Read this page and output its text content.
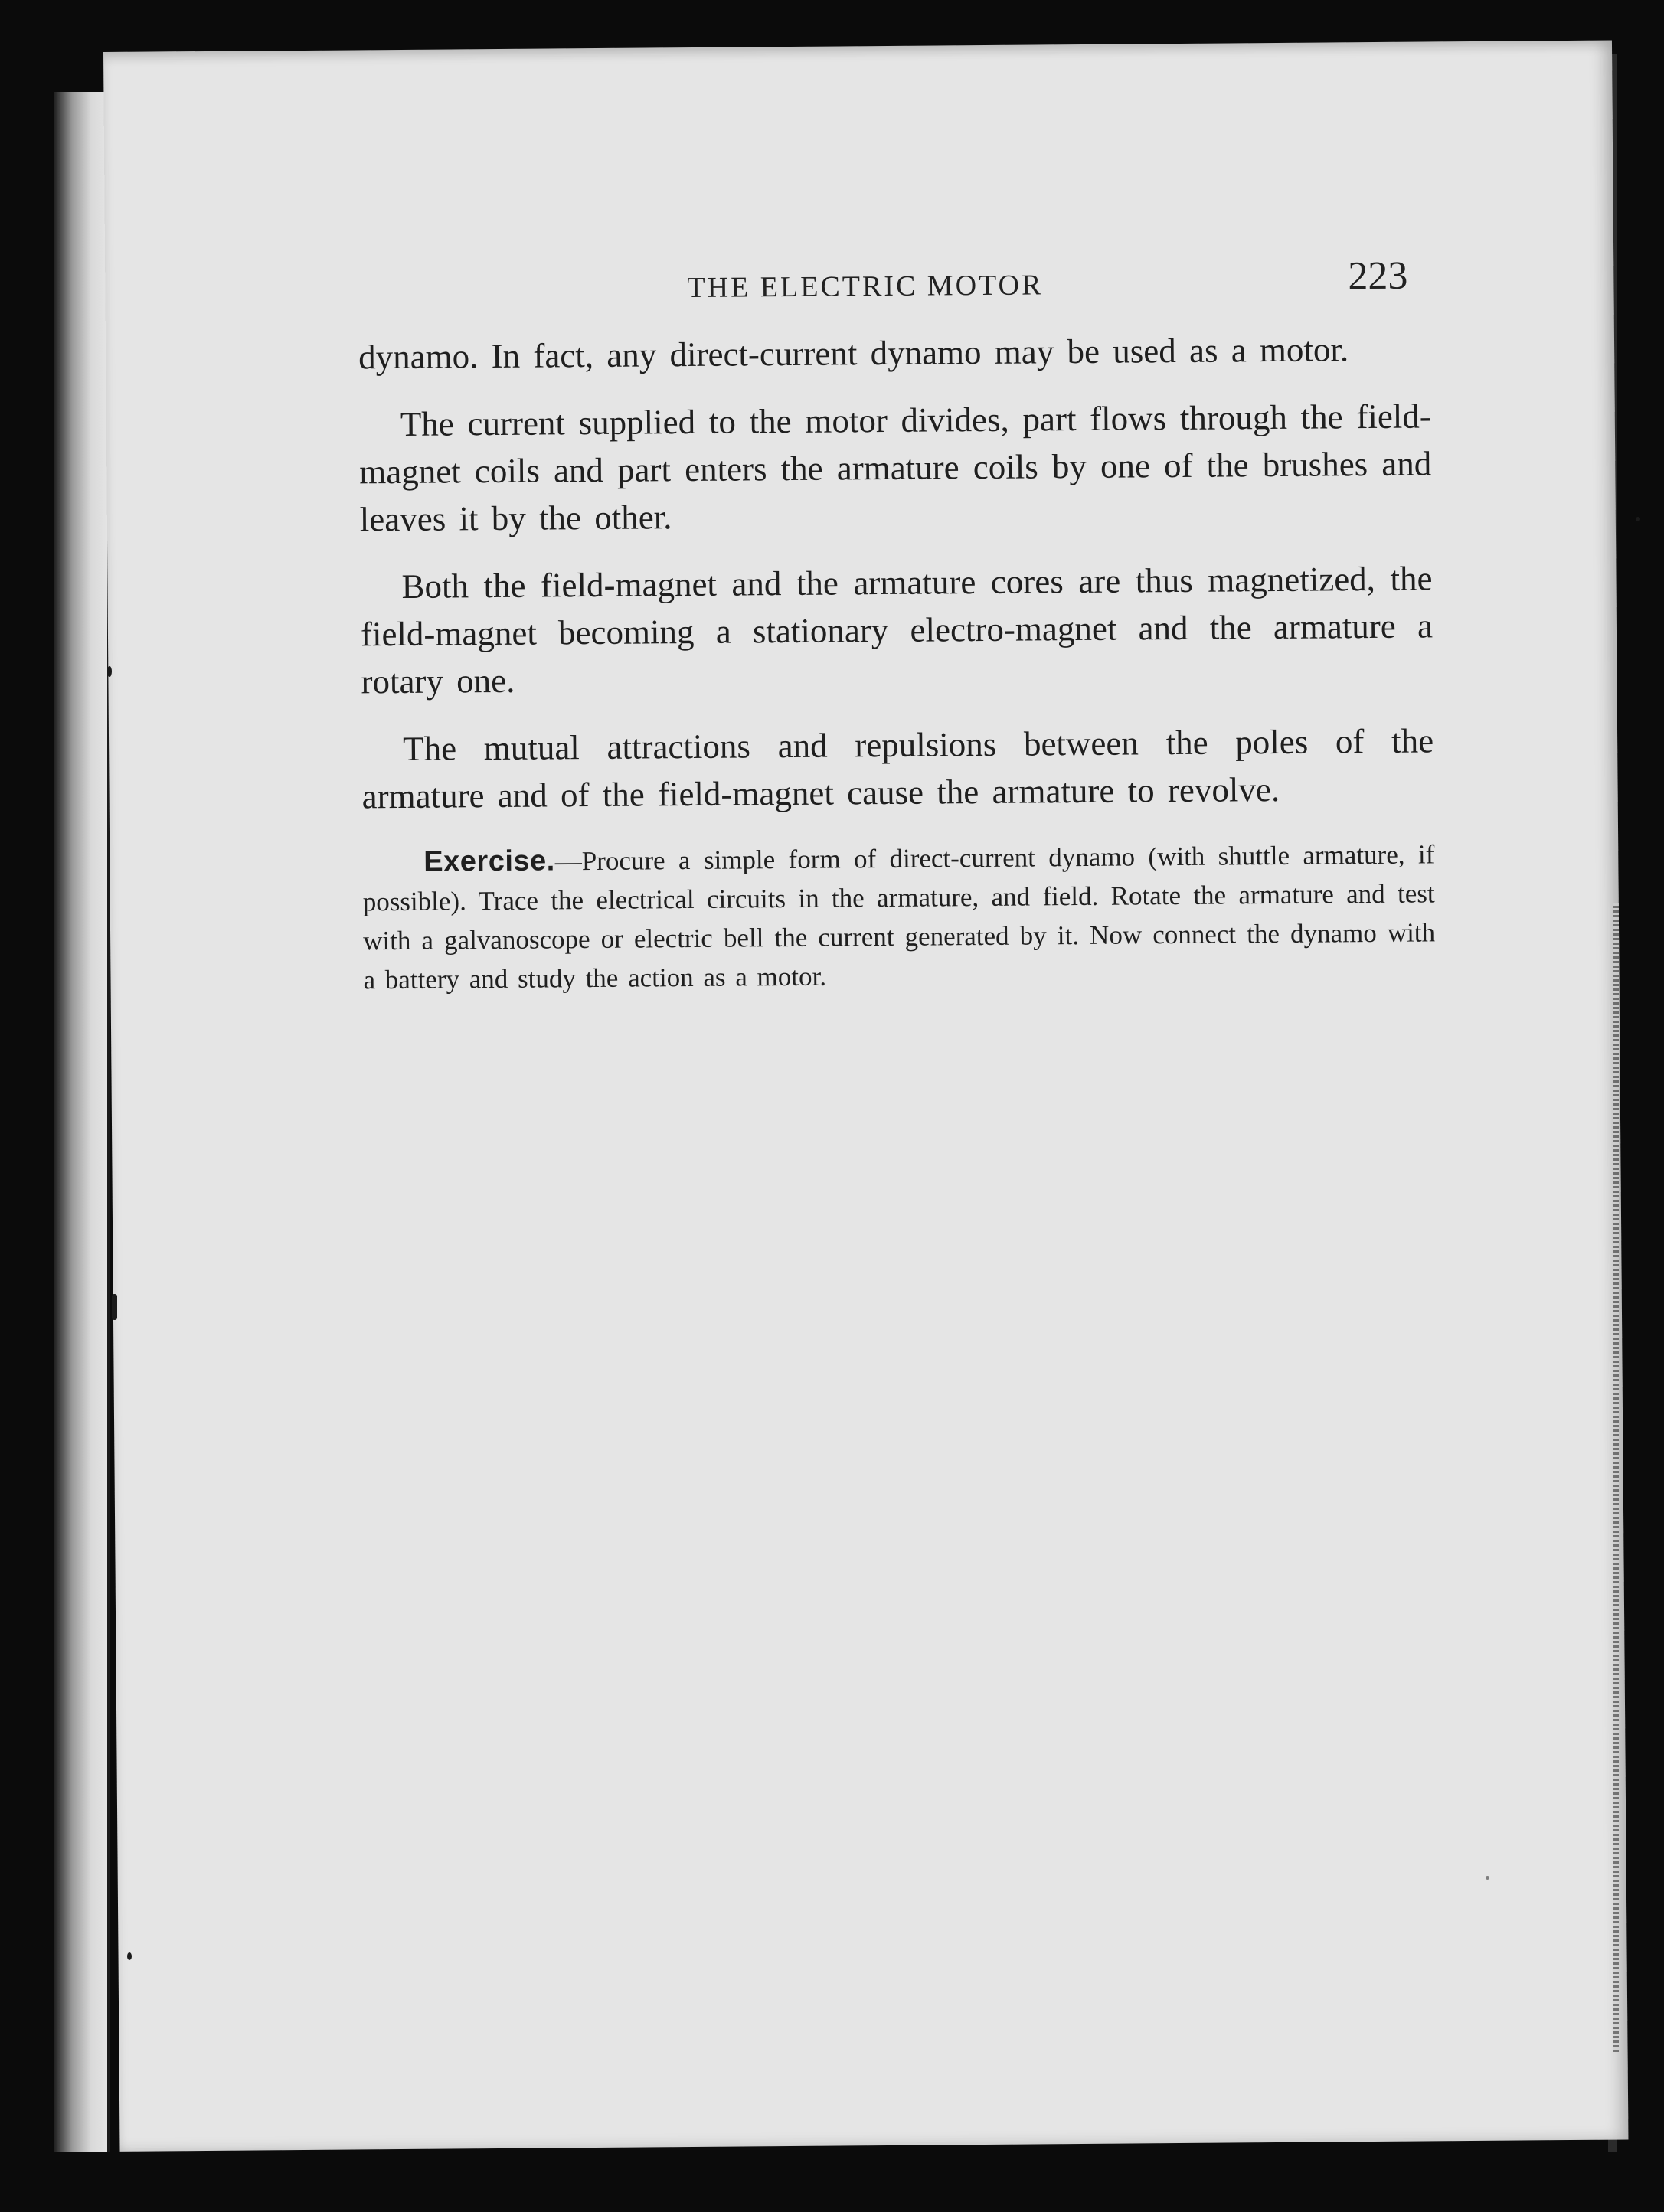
THE ELECTRIC MOTOR	223

dynamo. In fact, any direct-current dynamo may be used as a motor.

The current supplied to the motor divides, part flows through the field-magnet coils and part enters the armature coils by one of the brushes and leaves it by the other.

Both the field-magnet and the armature cores are thus magnetized, the field-magnet becoming a stationary electro-magnet and the armature a rotary one.

The mutual attractions and repulsions between the poles of the armature and of the field-magnet cause the armature to revolve.

Exercise.—Procure a simple form of direct-current dynamo (with shuttle armature, if possible). Trace the electrical circuits in the armature, and field. Rotate the armature and test with a galvanoscope or electric bell the current generated by it. Now connect the dynamo with a battery and study the action as a motor.
